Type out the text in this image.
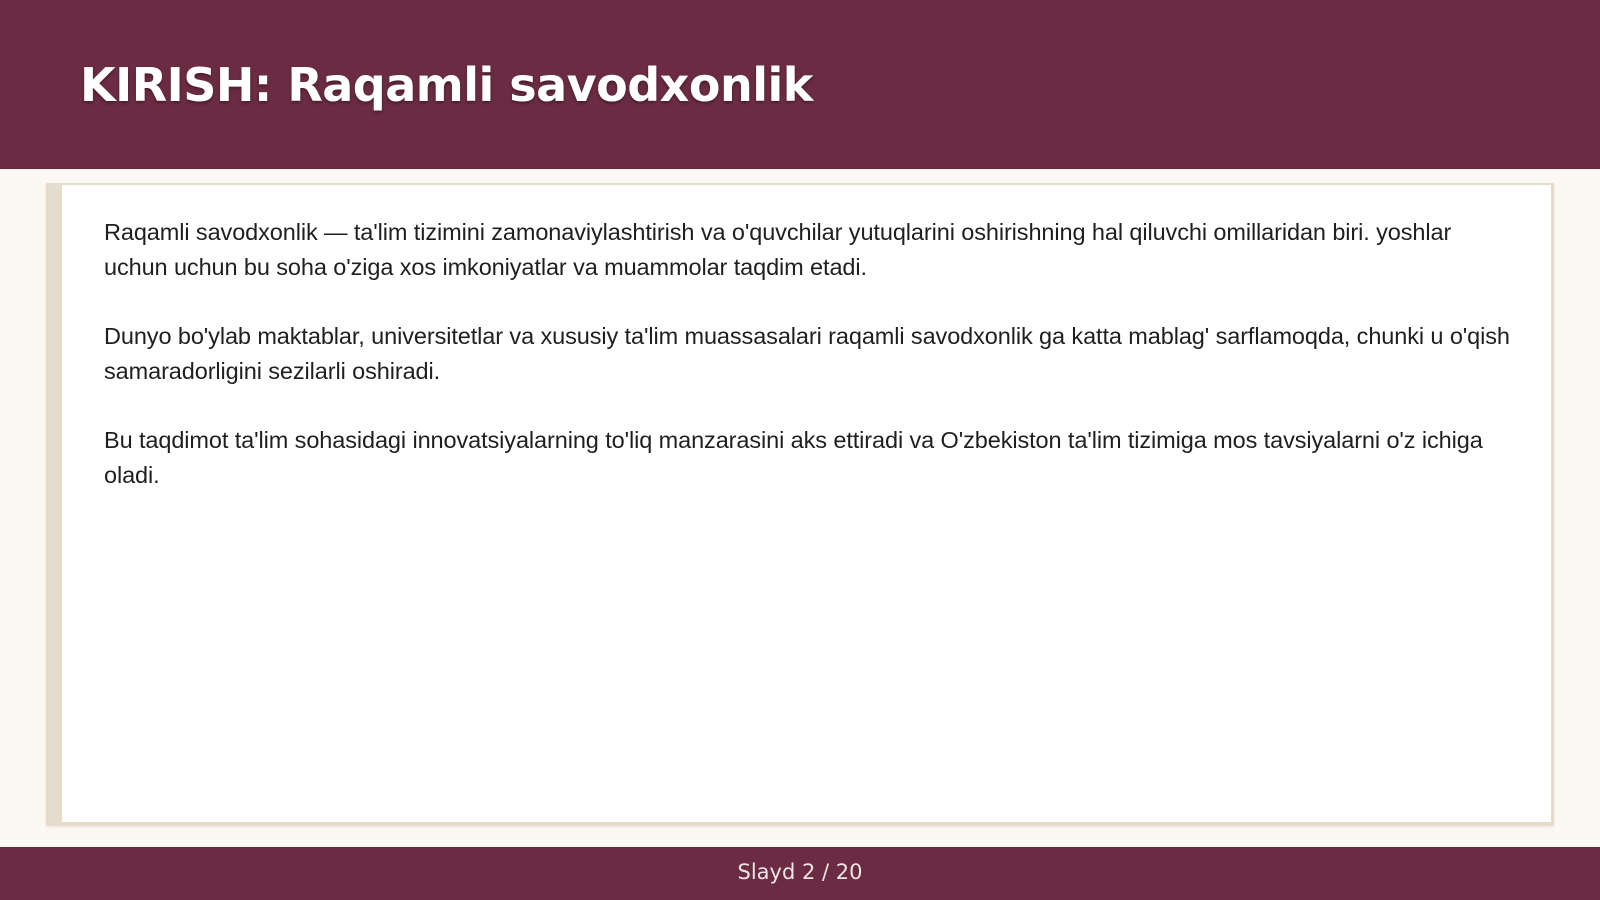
KIRISH: Raqamli savodxonlik

Raqamli savodxonlik — ta'lim tizimini zamonaviylashtirish va o'quvchilar yutuqlarini oshirishning hal qiluvchi omillaridan biri. yoshlar uchun uchun bu soha o'ziga xos imkoniyatlar va muammolar taqdim etadi.

Dunyo bo'ylab maktablar, universitetlar va xususiy ta'lim muassasalari raqamli savodxonlik ga katta mablag' sarflamoqda, chunki u o'qish samaradorligini sezilarli oshiradi.

Bu taqdimot ta'lim sohasidagi innovatsiyalarning to'liq manzarasini aks ettiradi va O'zbekiston ta'lim tizimiga mos tavsiyalarni o'z ichiga oladi.

Slayd 2 / 20
